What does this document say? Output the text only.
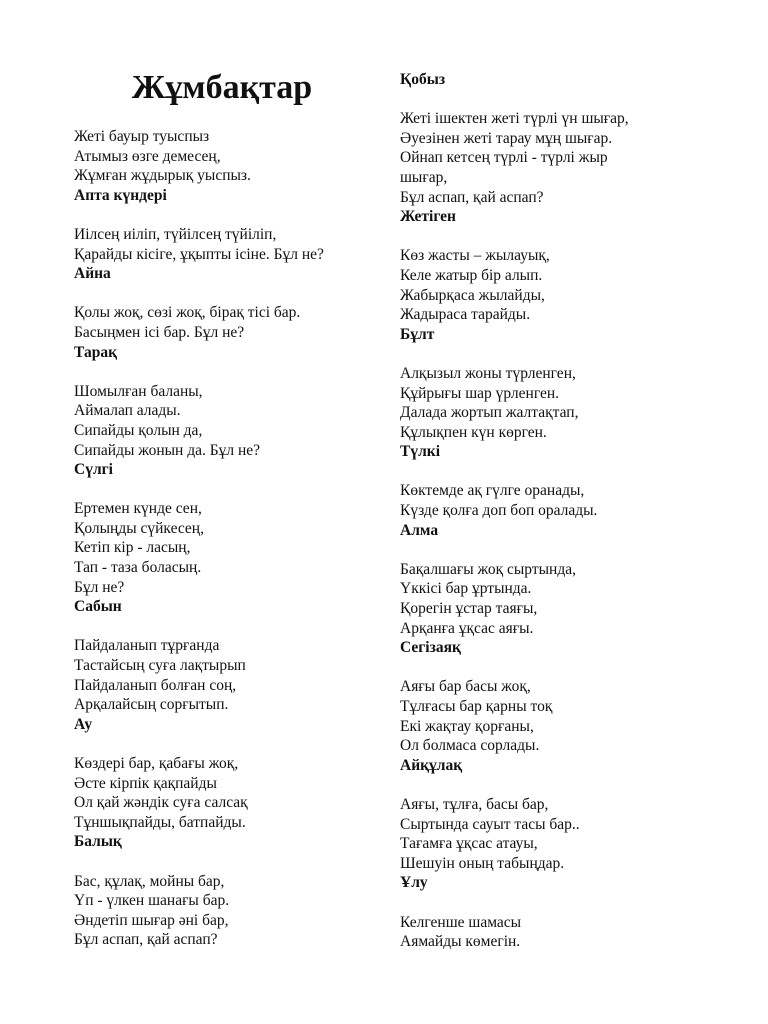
Жұмбақтар
Жеті бауыр туыспыз
Атымыз өзге демесең,
Жұмған жұдырық уыспыз.
Апта күндері
Иілсең иіліп, түйілсең түйіліп,
Қарайды кісіге, ұқыпты ісіне. Бұл не?
Айна
Қолы жоқ, сөзі жоқ, бірақ тісі бар.
Басыңмен ісі бар. Бұл не?
Тарақ
Шомылған баланы,
Аймалап алады.
Сипайды қолын да,
Сипайды жонын да. Бұл не?
Сүлгі
Ертемен күнде сен,
Қолыңды сүйкесең,
Кетіп кір - ласың,
Тап - таза боласың.
Бұл не?
Сабын
Пайдаланып тұрғанда
Тастайсың суға лақтырып
Пайдаланып болған соң,
Арқалайсың сорғытып.
Ау
Көздері бар, қабағы жоқ,
Әсте кірпік қақпайды
Ол қай жәндік суға салсақ
Тұншықпайды, батпайды.
Балық
Бас, құлақ, мойны бар,
Үп - үлкен шанағы бар.
Әндетіп шығар әні бар,
Бұл аспап, қай аспап?
Қобыз
Жеті ішектен жеті түрлі үн шығар,
Әуезінен жеті тарау мұң шығар.
Ойнап кетсең түрлі - түрлі жыр
шығар,
Бұл аспап, қай аспап?
Жетіген
Көз жасты – жылауық,
Келе жатыр бір алып.
Жабырқаса жылайды,
Жадыраса тарайды.
Бұлт
Алқызыл жоны түрленген,
Құйрығы шар үрленген.
Далада жортып жалтақтап,
Құлықпен күн көрген.
Түлкі
Көктемде ақ гүлге оранады,
Күзде қолға доп боп оралады.
Алма
Бақалшағы жоқ сыртында,
Үккісі бар ұртында.
Қорегін ұстар таяғы,
Арқанға ұқсас аяғы.
Сегізаяқ
Аяғы бар басы жоқ,
Тұлғасы бар қарны тоқ
Екі жақтау қорғаны,
Ол болмаса сорлады.
Айқұлақ
Аяғы, тұлға, басы бар,
Сыртында сауыт тасы бар..
Тағамға ұқсас атауы,
Шешуін оның табыңдар.
Ұлу
Келгенше шамасы
Аямайды көмегін.
